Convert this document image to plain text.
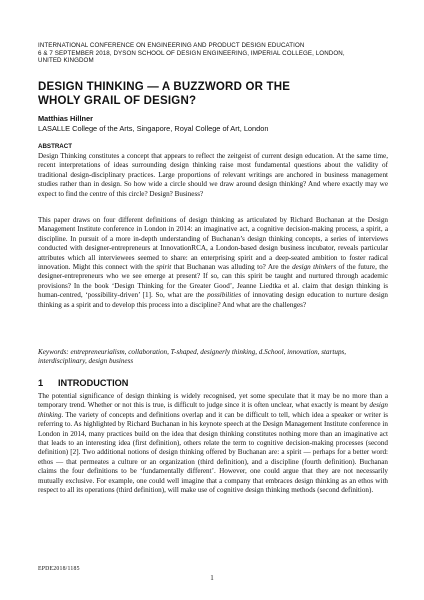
INTERNATIONAL CONFERENCE ON ENGINEERING AND PRODUCT DESIGN EDUCATION
6 & 7 SEPTEMBER 2018, DYSON SCHOOL OF DESIGN ENGINEERING, IMPERIAL COLLEGE, LONDON,
UNITED KINGDOM
DESIGN THINKING — A BUZZWORD OR THE
WHOLY GRAIL OF DESIGN?
Matthias Hillner
LASALLE College of the Arts, Singapore, Royal College of Art, London
ABSTRACT
Design Thinking constitutes a concept that appears to reflect the zeitgeist of current design education. At the same time, recent interpretations of ideas surrounding design thinking raise most fundamental questions about the validity of traditional design-disciplinary practices. Large proportions of relevant writings are anchored in business management studies rather than in design. So how wide a circle should we draw around design thinking? And where exactly may we expect to find the centre of this circle? Design? Business?
This paper draws on four different definitions of design thinking as articulated by Richard Buchanan at the Design Management Institute conference in London in 2014: an imaginative act, a cognitive decision-making process, a spirit, a discipline. In pursuit of a more in-depth understanding of Buchanan’s design thinking concepts, a series of interviews conducted with designer-entrepreneurs at InnovationRCA, a London-based design business incubator, reveals particular attributes which all interviewees seemed to share: an enterprising spirit and a deep-seated ambition to foster radical innovation. Might this connect with the spirit that Buchanan was alluding to? Are the design thinkers of the future, the designer-entrepreneurs who we see emerge at present? If so, can this spirit be taught and nurtured through academic provisions? In the book ‘Design Thinking for the Greater Good’, Jeanne Liedtka et al. claim that design thinking is human-centred, ‘possibility-driven’ [1]. So, what are the possibilities of innovating design education to nurture design thinking as a spirit and to develop this process into a discipline? And what are the challenges?
Keywords: entrepreneurialism, collaboration, T-shaped, designerly thinking, d.School, innovation, startups, interdisciplinary, design business
1 INTRODUCTION
The potential significance of design thinking is widely recognised, yet some speculate that it may be no more than a temporary trend. Whether or not this is true, is difficult to judge since it is often unclear, what exactly is meant by design thinking. The variety of concepts and definitions overlap and it can be difficult to tell, which idea a speaker or writer is referring to. As highlighted by Richard Buchanan in his keynote speech at the Design Management Institute conference in London in 2014, many practices build on the idea that design thinking constitutes nothing more than an imaginative act that leads to an interesting idea (first definition), others relate the term to cognitive decision-making processes (second definition) [2]. Two additional notions of design thinking offered by Buchanan are: a spirit — perhaps for a better word: ethos — that permeates a culture or an organization (third definition), and a discipline (fourth definition). Buchanan claims the four definitions to be ‘fundamentally different’. However, one could argue that they are not necessarily mutually exclusive. For example, one could well imagine that a company that embraces design thinking as an ethos with respect to all its operations (third definition), will make use of cognitive design thinking methods (second definition).
EPDE2018/1185
1
